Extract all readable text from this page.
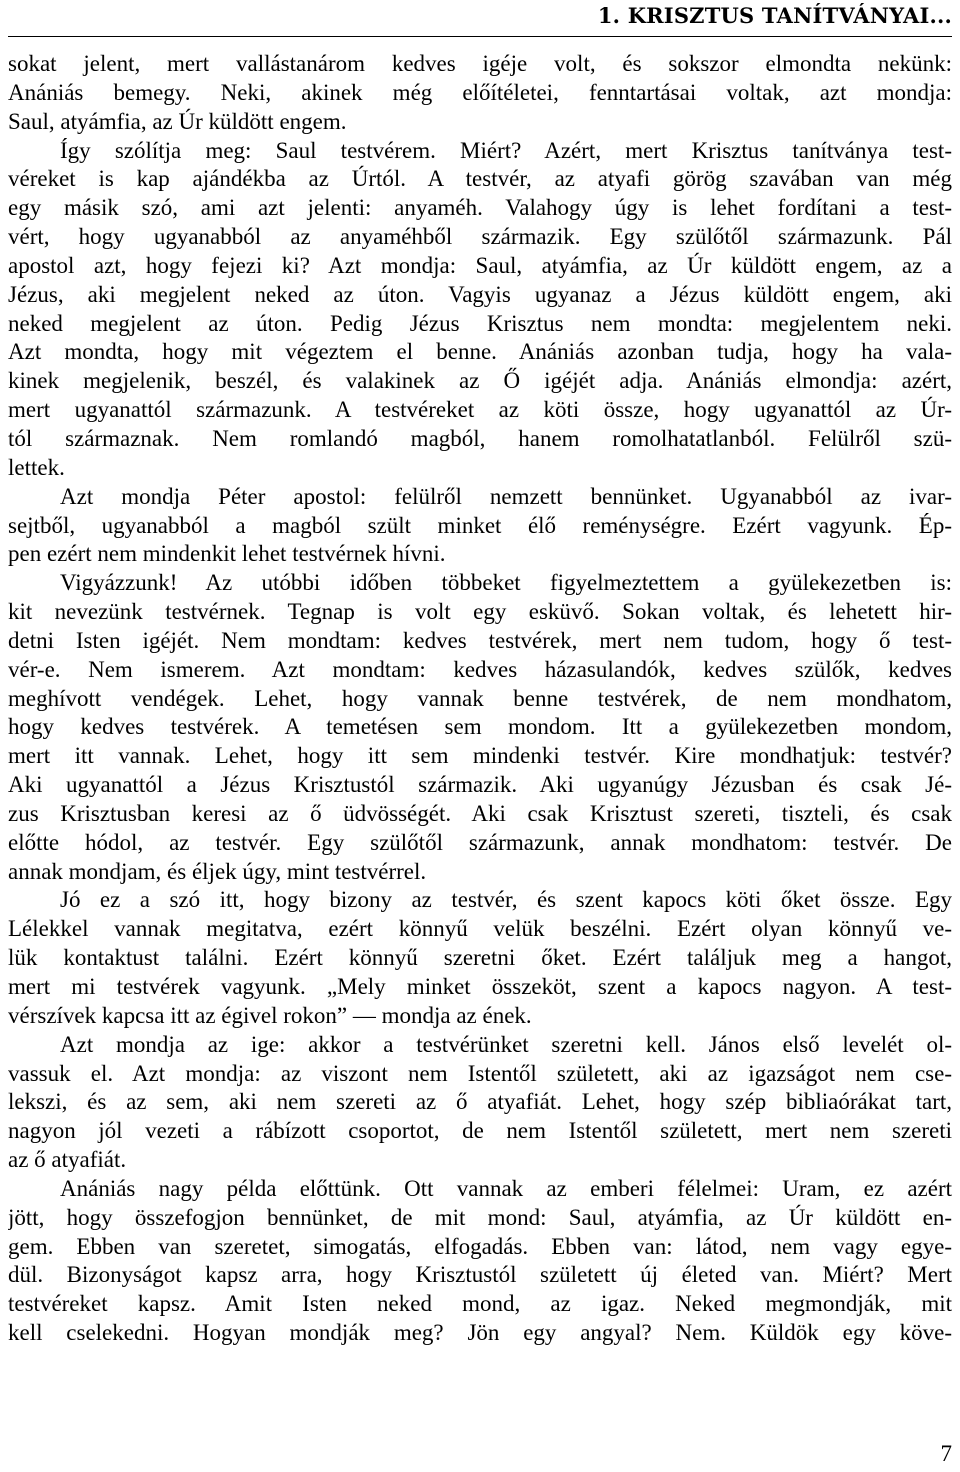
1. KRISZTUS TANÍTVÁNYAI...
sokat jelent, mert vallástanárom kedves igéje volt, és sokszor elmondta nekünk:
Anániás bemegy. Neki, akinek még előítéletei, fenntartásai voltak, azt mondja:
Saul, atyámfia, az Úr küldött engem.
Így szólítja meg: Saul testvérem. Miért? Azért, mert Krisztus tanítványa test-
véreket is kap ajándékba az Úrtól. A testvér, az atyafi görög szavában van még
egy másik szó, ami azt jelenti: anyaméh. Valahogy úgy is lehet fordítani a test-
vért, hogy ugyanabból az anyaméhből származik. Egy szülőtől származunk. Pál
apostol azt, hogy fejezi ki? Azt mondja: Saul, atyámfia, az Úr küldött engem, az a
Jézus, aki megjelent neked az úton. Vagyis ugyanaz a Jézus küldött engem, aki
neked megjelent az úton. Pedig Jézus Krisztus nem mondta: megjelentem neki.
Azt mondta, hogy mit végeztem el benne. Anániás azonban tudja, hogy ha vala-
kinek megjelenik, beszél, és valakinek az Ő igéjét adja. Anániás elmondja: azért,
mert ugyanattól származunk. A testvéreket az köti össze, hogy ugyanattól az Úr-
tól származnak. Nem romlandó magból, hanem romolhatatlanból. Felülről szü-
lettek.
Azt mondja Péter apostol: felülről nemzett bennünket. Ugyanabból az ivar-
sejtből, ugyanabból a magból szült minket élő reménységre. Ezért vagyunk. Ép-
pen ezért nem mindenkit lehet testvérnek hívni.
Vigyázzunk! Az utóbbi időben többeket figyelmeztettem a gyülekezetben is:
kit nevezünk testvérnek. Tegnap is volt egy esküvő. Sokan voltak, és lehetett hir-
detni Isten igéjét. Nem mondtam: kedves testvérek, mert nem tudom, hogy ő test-
vér-e. Nem ismerem. Azt mondtam: kedves házasulandók, kedves szülők, kedves
meghívott vendégek. Lehet, hogy vannak benne testvérek, de nem mondhatom,
hogy kedves testvérek. A temetésen sem mondom. Itt a gyülekezetben mondom,
mert itt vannak. Lehet, hogy itt sem mindenki testvér. Kire mondhatjuk: testvér?
Aki ugyanattól a Jézus Krisztustól származik. Aki ugyanúgy Jézusban és csak Jé-
zus Krisztusban keresi az ő üdvösségét. Aki csak Krisztust szereti, tiszteli, és csak
előtte hódol, az testvér. Egy szülőtől származunk, annak mondhatom: testvér. De
annak mondjam, és éljek úgy, mint testvérrel.
Jó ez a szó itt, hogy bizony az testvér, és szent kapocs köti őket össze. Egy
Lélekkel vannak megitatva, ezért könnyű velük beszélni. Ezért olyan könnyű ve-
lük kontaktust találni. Ezért könnyű szeretni őket. Ezért találjuk meg a hangot,
mert mi testvérek vagyunk. „Mely minket összeköt, szent a kapocs nagyon. A test-
vérszívek kapcsa itt az égivel rokon” — mondja az ének.
Azt mondja az ige: akkor a testvérünket szeretni kell. János első levelét ol-
vassuk el. Azt mondja: az viszont nem Istentől született, aki az igazságot nem cse-
lekszi, és az sem, aki nem szereti az ő atyafiát. Lehet, hogy szép bibliaórákat tart,
nagyon jól vezeti a rábízott csoportot, de nem Istentől született, mert nem szereti
az ő atyafiát.
Anániás nagy példa előttünk. Ott vannak az emberi félelmei: Uram, ez azért
jött, hogy összefogjon bennünket, de mit mond: Saul, atyámfia, az Úr küldött en-
gem. Ebben van szeretet, simogatás, elfogadás. Ebben van: látod, nem vagy egye-
dül. Bizonyságot kapsz arra, hogy Krisztustól született új életed van. Miért? Mert
testvéreket kapsz. Amit Isten neked mond, az igaz. Neked megmondják, mit
kell cselekedni. Hogyan mondják meg? Jön egy angyal? Nem. Küldök egy köve-
7
